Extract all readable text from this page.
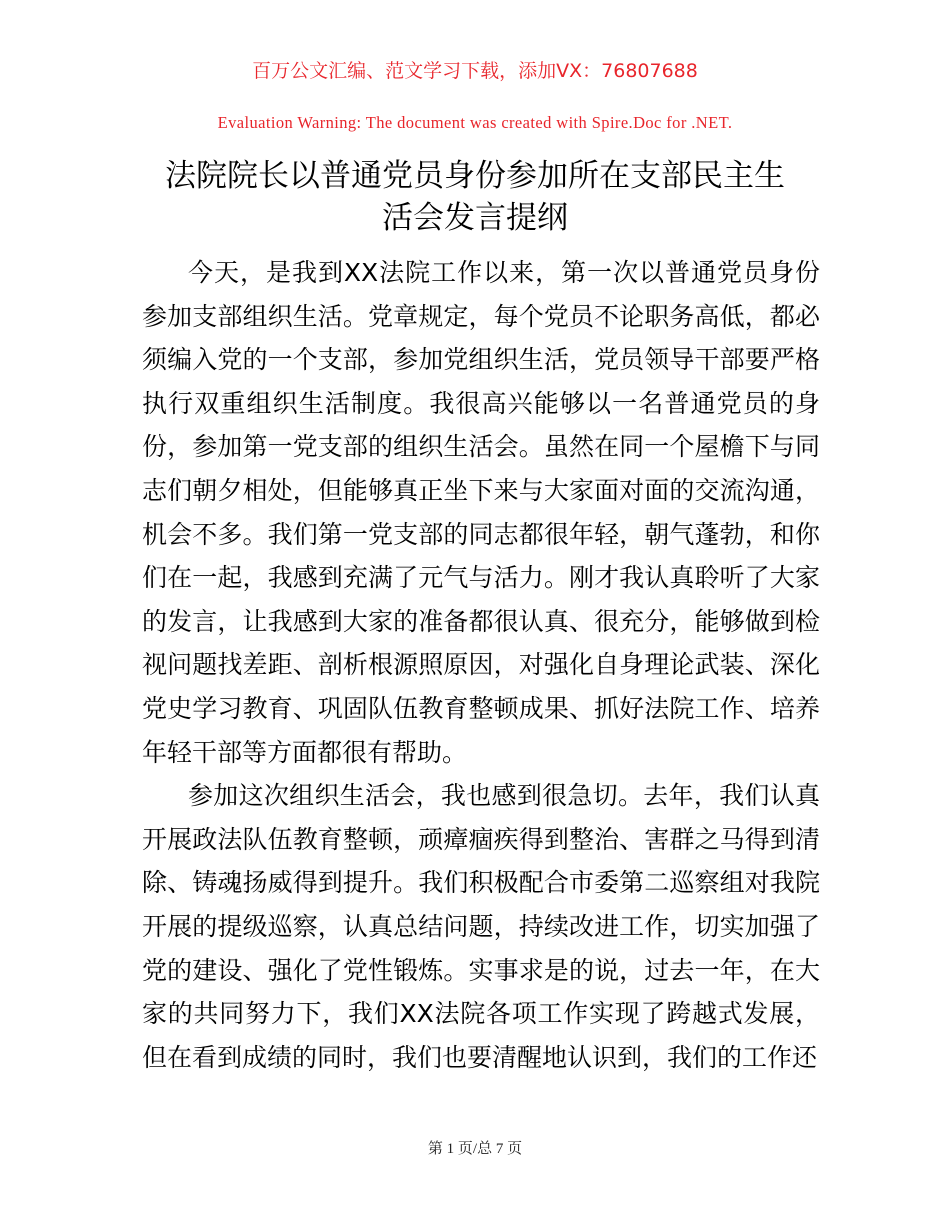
百万公文汇编、范文学习下载，添加VX：76807688
Evaluation Warning: The document was created with Spire.Doc for .NET.
法院院长以普通党员身份参加所在支部民主生
活会发言提纲
今天，是我到XX法院工作以来，第一次以普通党员身份
参加支部组织生活。党章规定，每个党员不论职务高低，都必
须编入党的一个支部，参加党组织生活，党员领导干部要严格
执行双重组织生活制度。我很高兴能够以一名普通党员的身
份，参加第一党支部的组织生活会。虽然在同一个屋檐下与同
志们朝夕相处，但能够真正坐下来与大家面对面的交流沟通，
机会不多。我们第一党支部的同志都很年轻，朝气蓬勃，和你
们在一起，我感到充满了元气与活力。刚才我认真聆听了大家
的发言，让我感到大家的准备都很认真、很充分，能够做到检
视问题找差距、剖析根源照原因，对强化自身理论武装、深化
党史学习教育、巩固队伍教育整顿成果、抓好法院工作、培养
年轻干部等方面都很有帮助。
参加这次组织生活会，我也感到很急切。去年，我们认真
开展政法队伍教育整顿，顽瘴痼疾得到整治、害群之马得到清
除、铸魂扬威得到提升。我们积极配合市委第二巡察组对我院
开展的提级巡察，认真总结问题，持续改进工作，切实加强了
党的建设、强化了党性锻炼。实事求是的说，过去一年，在大
家的共同努力下，我们XX法院各项工作实现了跨越式发展，
但在看到成绩的同时，我们也要清醒地认识到，我们的工作还
第 1 页/总 7 页
